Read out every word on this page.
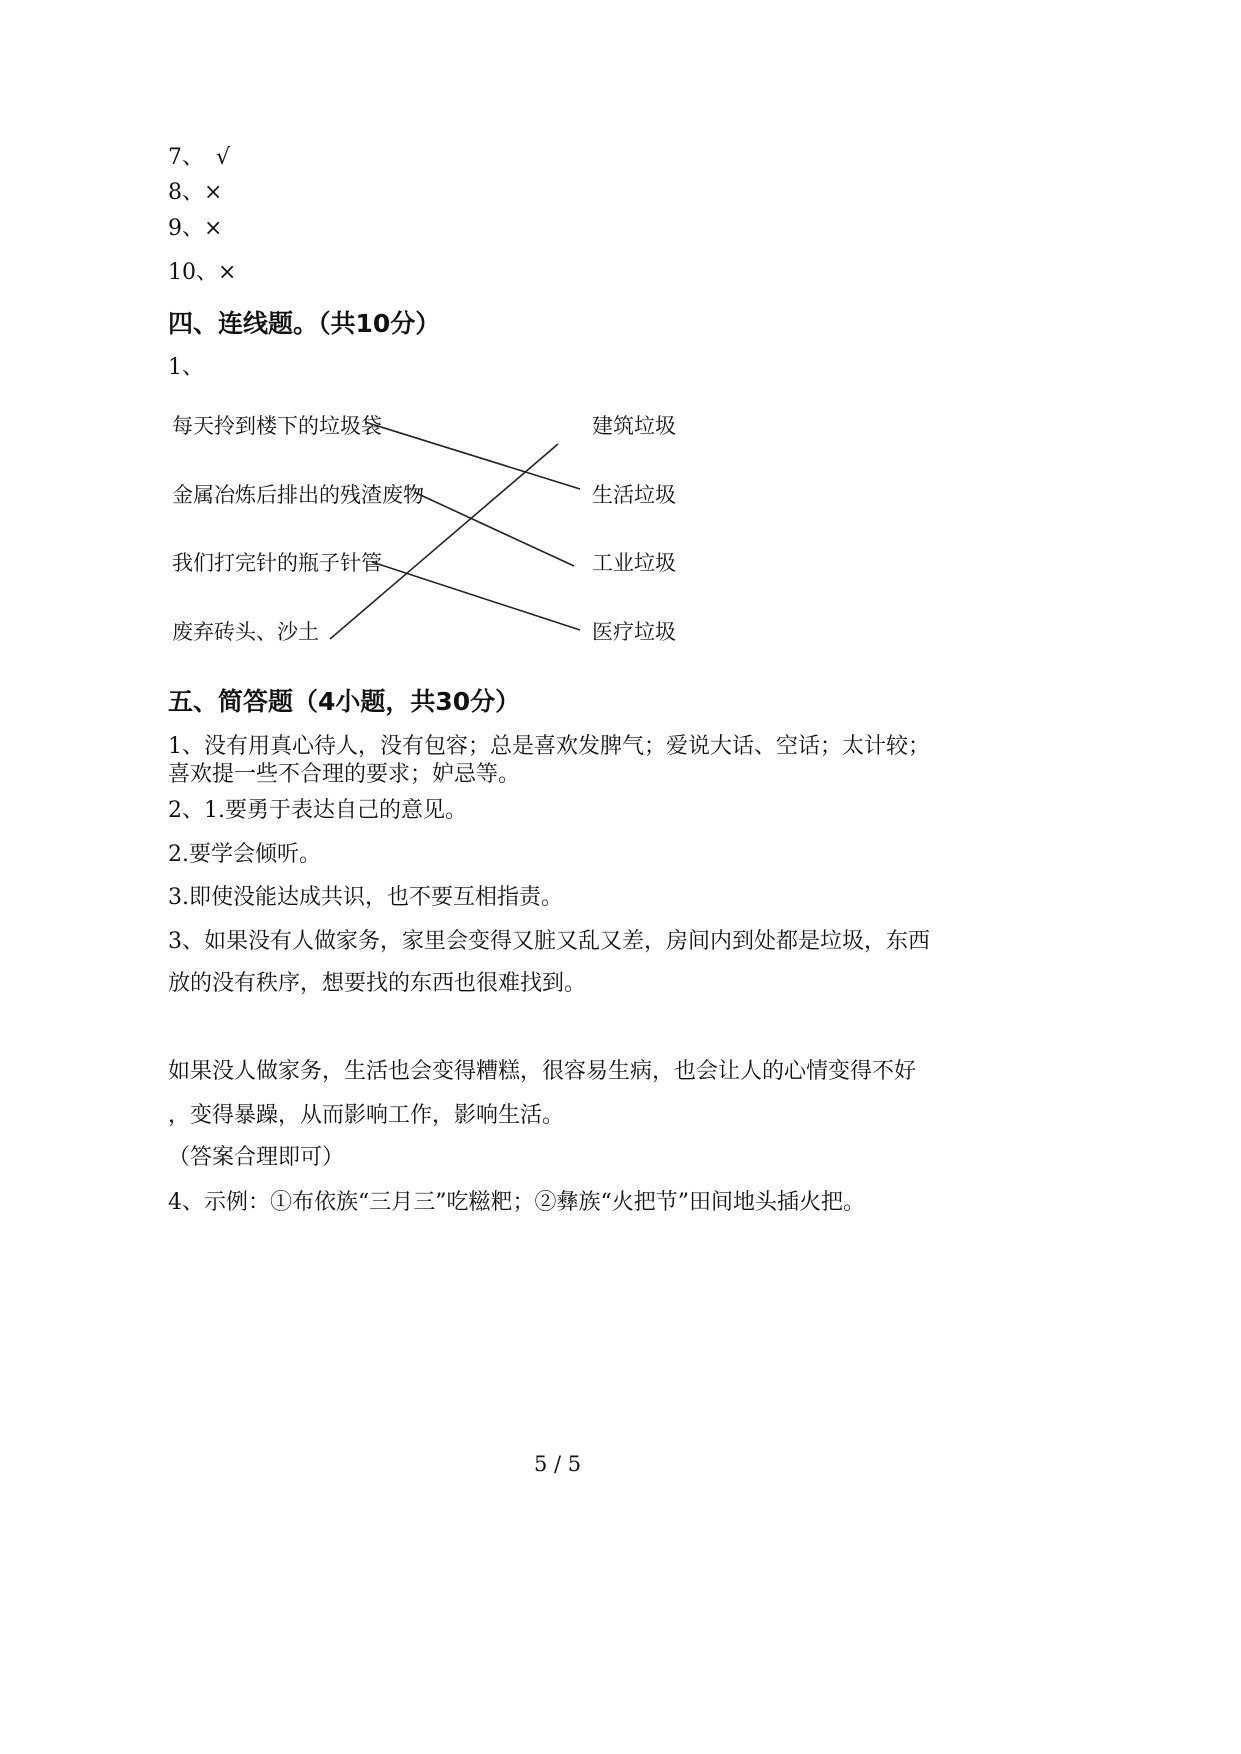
7、 √
8、×
9、×
10、×
四、连线题。（共10分）
1、
每天拎到楼下的垃圾袋
金属冶炼后排出的残渣废物
我们打完针的瓶子针管
废弃砖头、沙土
建筑垃圾
生活垃圾
工业垃圾
医疗垃圾
五、简答题（4小题，共30分）
1、没有用真心待人，没有包容；总是喜欢发脾气；爱说大话、空话；太计较；
喜欢提一些不合理的要求；妒忌等。
2、1.要勇于表达自己的意见。
2.要学会倾听。
3.即使没能达成共识，也不要互相指责。
3、如果没有人做家务，家里会变得又脏又乱又差，房间内到处都是垃圾，东西
放的没有秩序，想要找的东西也很难找到。
如果没人做家务，生活也会变得糟糕，很容易生病，也会让人的心情变得不好
，变得暴躁，从而影响工作，影响生活。
（答案合理即可）
4、示例：①布依族“三月三”吃糍粑；②彝族“火把节”田间地头插火把。
5 / 5
